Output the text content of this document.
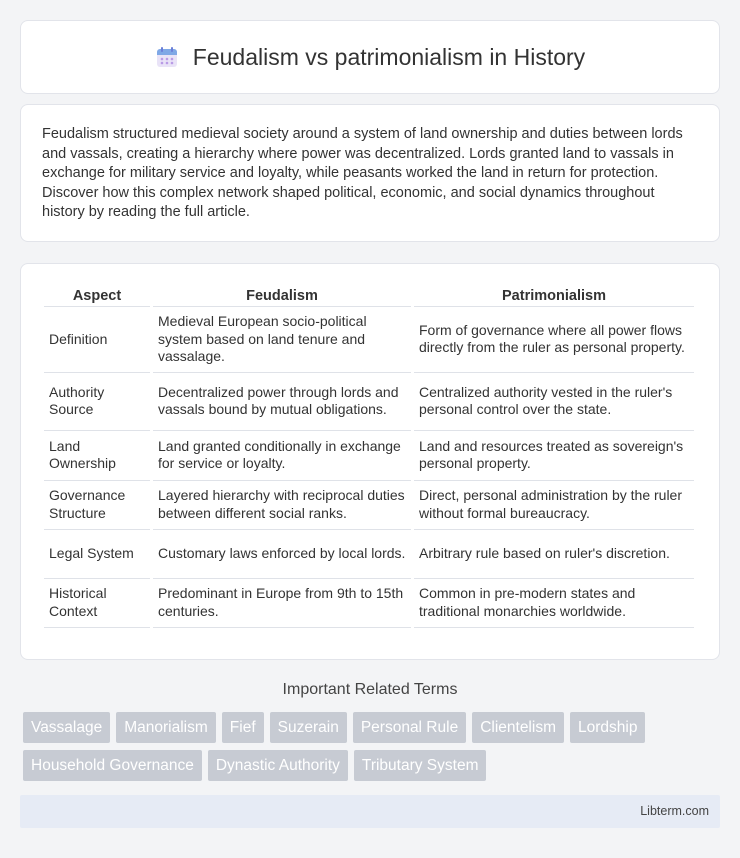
Feudalism vs patrimonialism in History

Feudalism structured medieval society around a system of land ownership and duties between lords and vassals, creating a hierarchy where power was decentralized. Lords granted land to vassals in exchange for military service and loyalty, while peasants worked the land in return for protection. Discover how this complex network shaped political, economic, and social dynamics throughout history by reading the full article.

Aspect	Feudalism	Patrimonialism
Definition	Medieval European socio-political system based on land tenure and vassalage.	Form of governance where all power flows directly from the ruler as personal property.
Authority Source	Decentralized power through lords and vassals bound by mutual obligations.	Centralized authority vested in the ruler's personal control over the state.
Land Ownership	Land granted conditionally in exchange for service or loyalty.	Land and resources treated as sovereign's personal property.
Governance Structure	Layered hierarchy with reciprocal duties between different social ranks.	Direct, personal administration by the ruler without formal bureaucracy.
Legal System	Customary laws enforced by local lords.	Arbitrary rule based on ruler's discretion.
Historical Context	Predominant in Europe from 9th to 15th centuries.	Common in pre-modern states and traditional monarchies worldwide.
Important Related Terms
Vassalage	Manorialism	Fief	Suzerain	Personal Rule	Clientelism	Lordship
Household Governance	Dynastic Authority	Tributary System
Libterm.com
